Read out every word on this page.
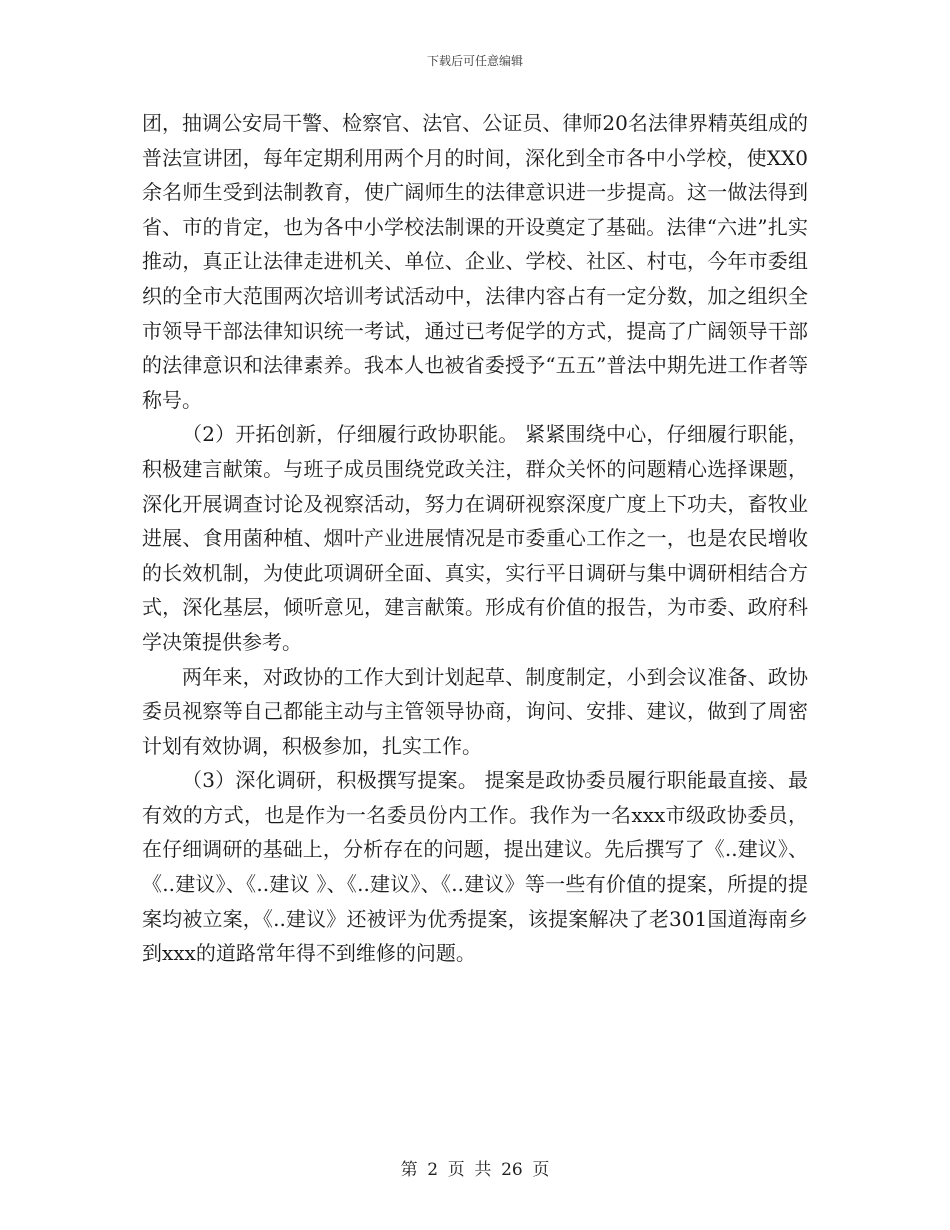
下载后可任意编辑

团，抽调公安局干警、检察官、法官、公证员、律师20名法律界精英组成的普法宣讲团，每年定期利用两个月的时间，深化到全市各中小学校，使XX0余名师生受到法制教育，使广阔师生的法律意识进一步提高。这一做法得到省、市的肯定，也为各中小学校法制课的开设奠定了基础。法律“六进”扎实推动，真正让法律走进机关、单位、企业、学校、社区、村屯，今年市委组织的全市大范围两次培训考试活动中，法律内容占有一定分数，加之组织全市领导干部法律知识统一考试，通过已考促学的方式，提高了广阔领导干部的法律意识和法律素养。我本人也被省委授予“五五”普法中期先进工作者等称号。

（2）开拓创新，仔细履行政协职能。 紧紧围绕中心，仔细履行职能，积极建言献策。与班子成员围绕党政关注，群众关怀的问题精心选择课题，深化开展调查讨论及视察活动，努力在调研视察深度广度上下功夫，畜牧业进展、食用菌种植、烟叶产业进展情况是市委重心工作之一，也是农民增收的长效机制，为使此项调研全面、真实，实行平日调研与集中调研相结合方式，深化基层，倾听意见，建言献策。形成有价值的报告，为市委、政府科学决策提供参考。

两年来，对政协的工作大到计划起草、制度制定，小到会议准备、政协委员视察等自己都能主动与主管领导协商，询问、安排、建议，做到了周密计划有效协调，积极参加，扎实工作。

（3）深化调研，积极撰写提案。 提案是政协委员履行职能最直接、最有效的方式，也是作为一名委员份内工作。我作为一名xxx市级政协委员，在仔细调研的基础上，分析存在的问题，提出建议。先后撰写了《..建议》、《..建议》、《..建议 》、《..建议》、《..建议》等一些有价值的提案，所提的提案均被立案，《..建议》还被评为优秀提案，该提案解决了老301国道海南乡到xxx的道路常年得不到维修的问题。

第 2 页 共 26 页
